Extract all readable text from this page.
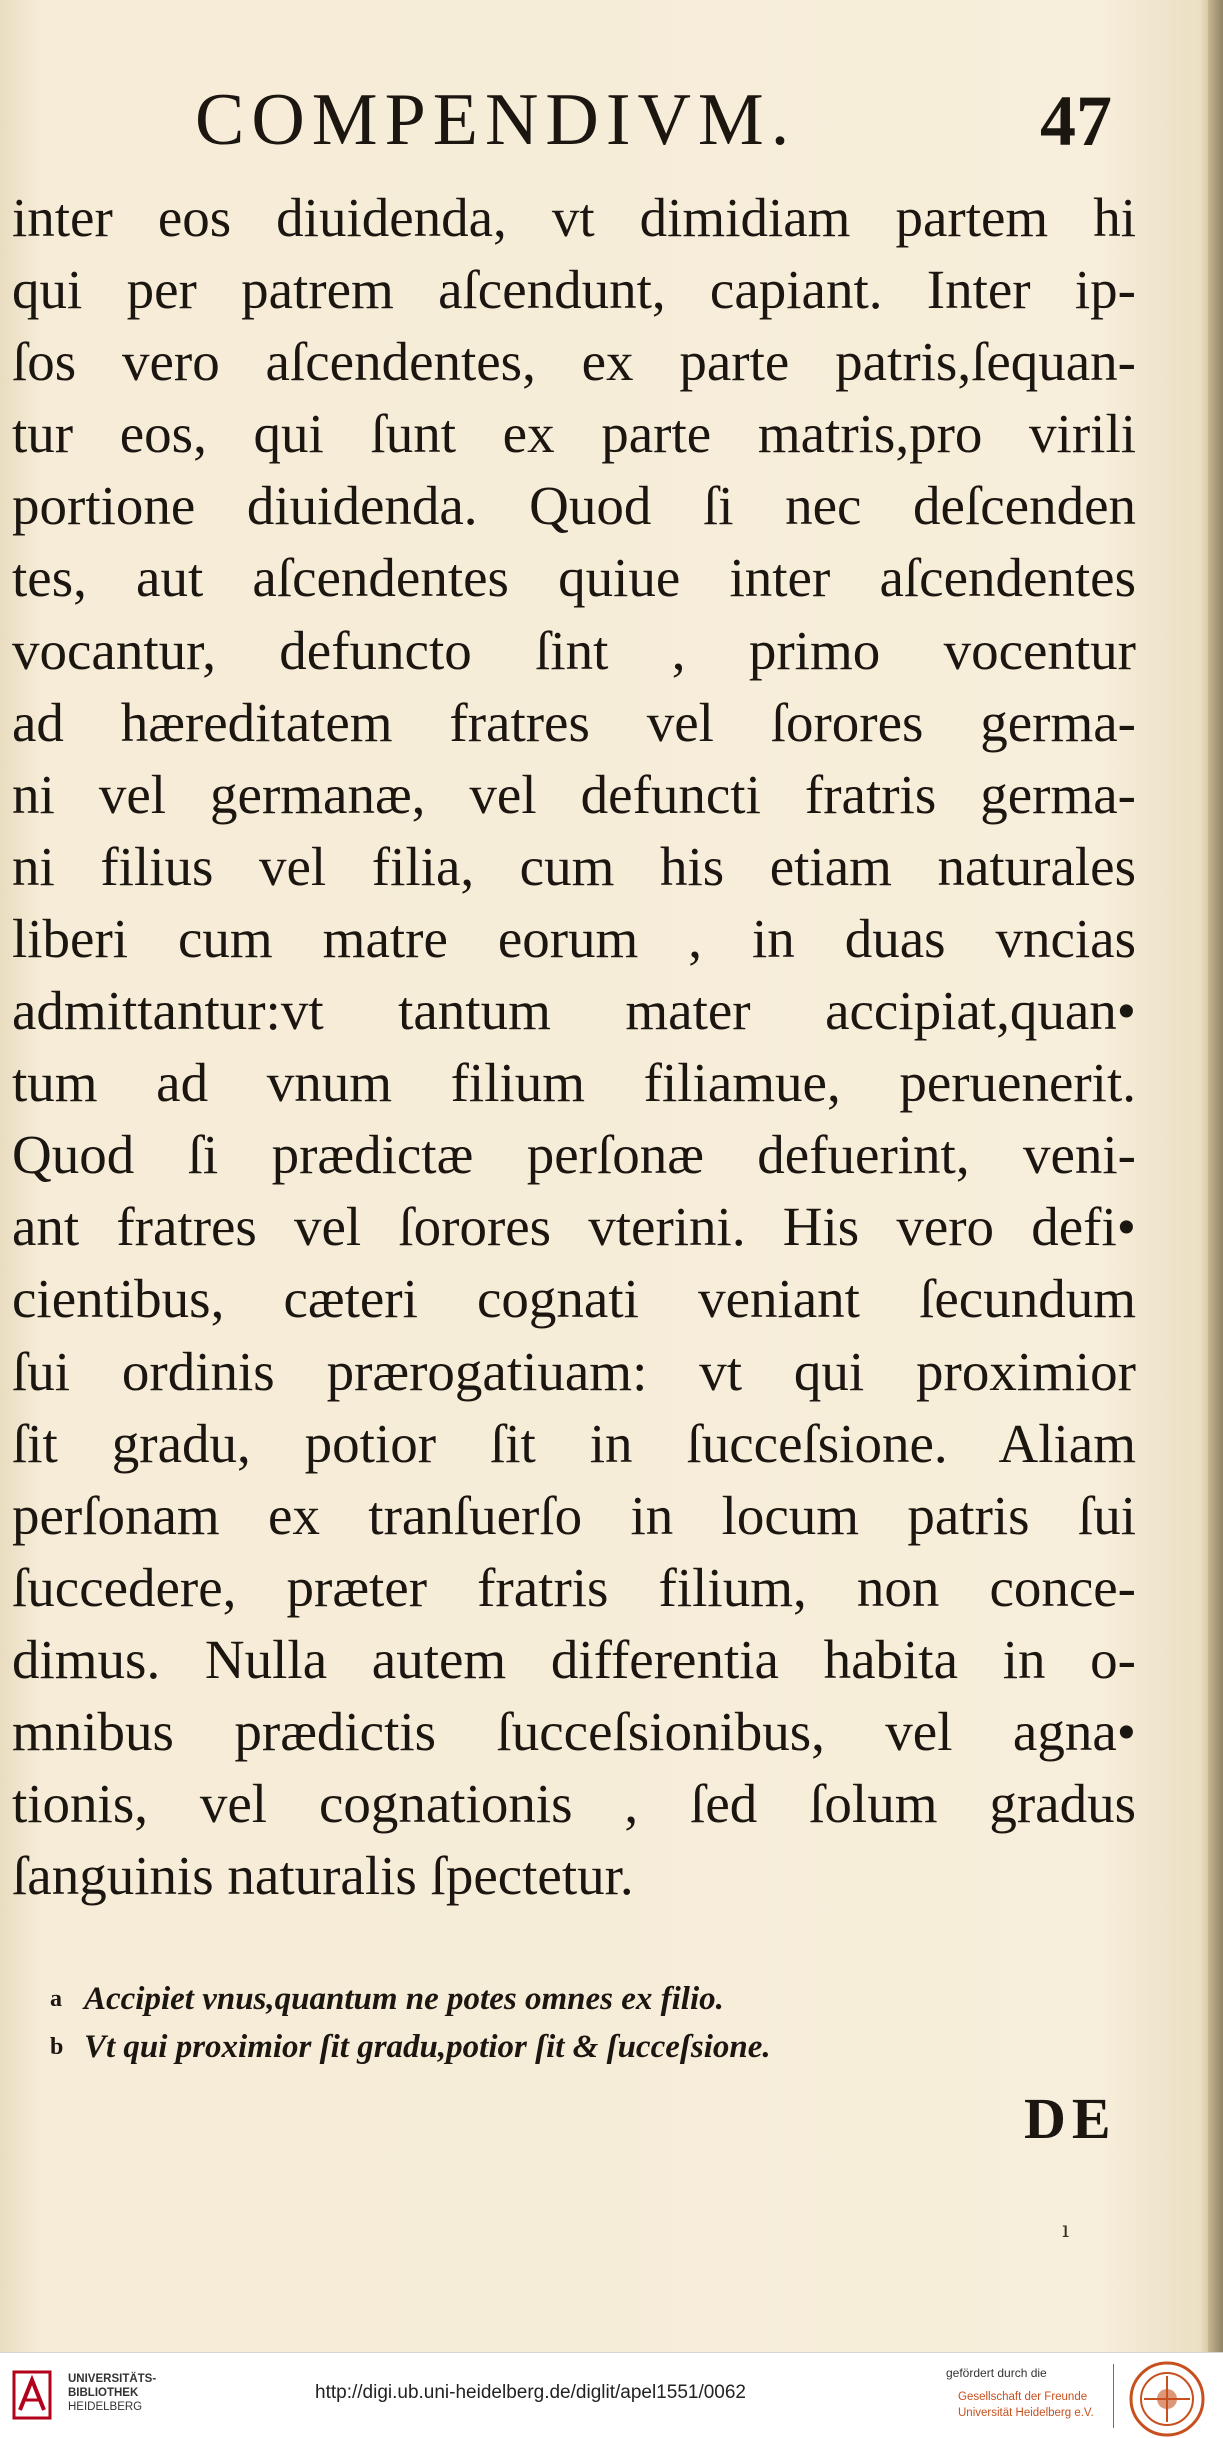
COMPENDIVM.	47
inter eos diuidenda, vt dimidiam partem hi
qui per patrem aſcendunt, capiant. Inter ip-
ſos vero aſcendentes, ex parte patris,ſequan-
tur eos, qui ſunt ex parte matris,pro virili
portione diuidenda. Quod ſi nec deſcenden
tes, aut aſcendentes quiue inter aſcendentes
vocantur, defuncto ſint , primo vocentur
ad hæreditatem fratres vel ſorores germa-
ni vel germanæ, vel defuncti fratris germa-
ni filius vel filia, cum his etiam naturales
liberi cum matre eorum , in duas vncias
admittantur:vt tantum mater accipiat,quan•
tum ad vnum filium filiamue, peruenerit.
Quod ſi prædictæ perſonæ defuerint, veni-
ant fratres vel ſorores vterini. His vero defi•
cientibus, cæteri cognati veniant ſecundum
ſui ordinis prærogatiuam: vt qui proximior
ſit gradu, potior ſit in ſucceſsione. Aliam
perſonam ex tranſuerſo in locum patris ſui
ſuccedere, præter fratris filium, non conce-
dimus. Nulla autem differentia habita in o-
mnibus prædictis ſucceſsionibus, vel agna•
tionis, vel cognationis , ſed ſolum gradus
ſanguinis naturalis ſpectetur.
a Accipiet vnus,quantum ne potes omnes ex filio.
b Vt qui proximior ſit gradu,potior ſit & ſucceſsione.
DE
ı
UNIVERSITÄTS-
BIBLIOTHEK
HEIDELBERG
http://digi.ub.uni-heidelberg.de/diglit/apel1551/0062
gefördert durch die
Gesellschaft der Freunde
Universität Heidelberg e.V.
